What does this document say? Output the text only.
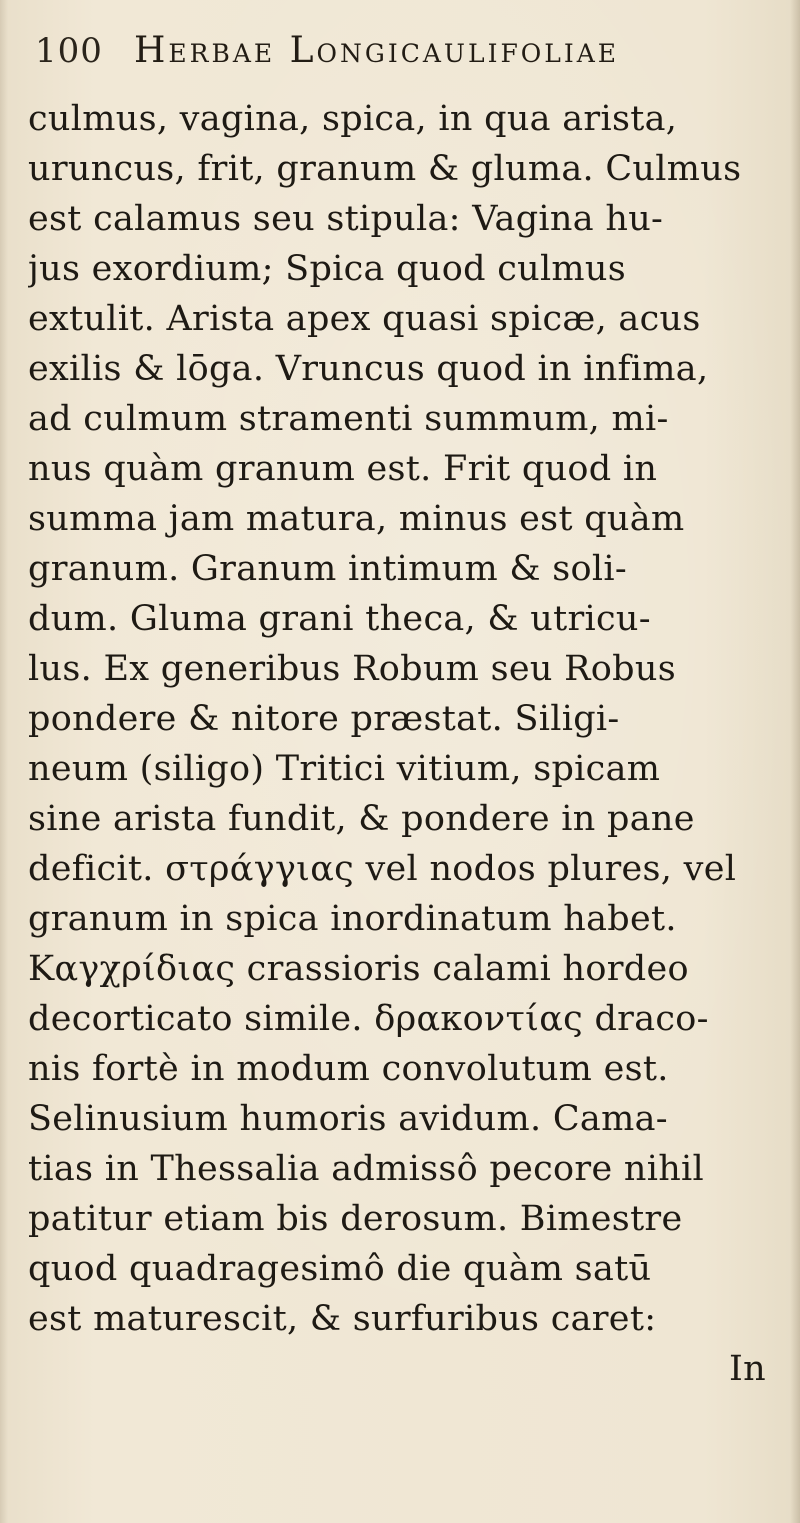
100 Herbae Longicaulifoliae
culmus, vagina, spica, in qua arista,
uruncus, frit, granum & gluma. Culmus
est calamus seu stipula: Vagina hu-
jus exordium; Spica quod culmus
extulit. Arista apex quasi spicæ, acus
exilis & lōga. Vruncus quod in infima,
ad culmum stramenti summum, mi-
nus quàm granum est. Frit quod in
summa jam matura, minus est quàm
granum. Granum intimum & soli-
dum. Gluma grani theca, & utricu-
lus. Ex generibus Robum seu Robus
pondere & nitore præstat. Siligi-
neum (siligo) Tritici vitium, spicam
sine arista fundit, & pondere in pane
deficit. στράγγιας vel nodos plures, vel
granum in spica inordinatum habet.
Καγχρίδιας crassioris calami hordeo
decorticato simile. δρακοντίας draco-
nis fortè in modum convolutum est.
Selinusium humoris avidum. Cama-
tias in Thessalia admissô pecore nihil
patitur etiam bis derosum. Bimestre
quod quadragesimô die quàm satū
est maturescit, & surfuribus caret:
In
